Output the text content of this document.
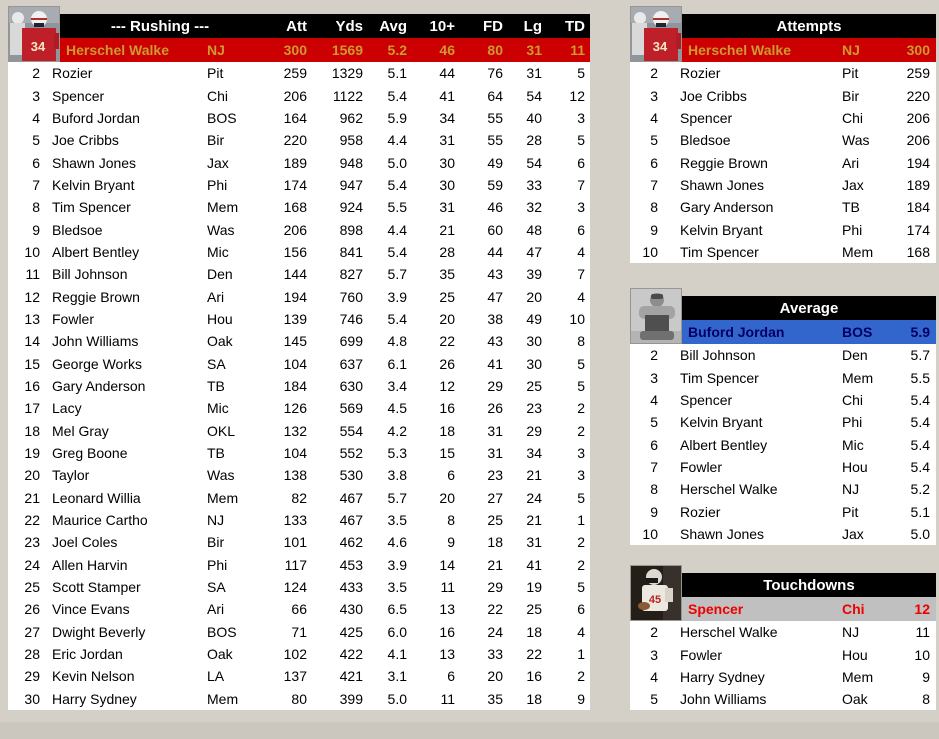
34
--- Rushing ---	Att	Yds	Avg	10+	FD	Lg	TD
Herschel Walke	NJ	300	1569	5.2	46	80	31	11
2 Rozier	Pit	259	1329	5.1	44	76	31	5
3 Spencer	Chi	206	1122	5.4	41	64	54	12
4 Buford Jordan	BOS	164	962	5.9	34	55	40	3
5 Joe Cribbs	Bir	220	958	4.4	31	55	28	5
6 Shawn Jones	Jax	189	948	5.0	30	49	54	6
7 Kelvin Bryant	Phi	174	947	5.4	30	59	33	7
8 Tim Spencer	Mem	168	924	5.5	31	46	32	3
9 Bledsoe	Was	206	898	4.4	21	60	48	6
10 Albert Bentley	Mic	156	841	5.4	28	44	47	4
11 Bill Johnson	Den	144	827	5.7	35	43	39	7
12 Reggie Brown	Ari	194	760	3.9	25	47	20	4
13 Fowler	Hou	139	746	5.4	20	38	49	10
14 John Williams	Oak	145	699	4.8	22	43	30	8
15 George Works	SA	104	637	6.1	26	41	30	5
16 Gary Anderson	TB	184	630	3.4	12	29	25	5
17 Lacy	Mic	126	569	4.5	16	26	23	2
18 Mel Gray	OKL	132	554	4.2	18	31	29	2
19 Greg Boone	TB	104	552	5.3	15	31	34	3
20 Taylor	Was	138	530	3.8	6	23	21	3
21 Leonard Willia	Mem	82	467	5.7	20	27	24	5
22 Maurice Cartho	NJ	133	467	3.5	8	25	21	1
23 Joel Coles	Bir	101	462	4.6	9	18	31	2
24 Allen Harvin	Phi	117	453	3.9	14	21	41	2
25 Scott Stamper	SA	124	433	3.5	11	29	19	5
26 Vince Evans	Ari	66	430	6.5	13	22	25	6
27 Dwight Beverly	BOS	71	425	6.0	16	24	18	4
28 Eric Jordan	Oak	102	422	4.1	13	33	22	1
29 Kevin Nelson	LA	137	421	3.1	6	20	16	2
30 Harry Sydney	Mem	80	399	5.0	11	35	18	9
34
Attempts
Herschel Walke	NJ	300
2 Rozier	Pit	259
3 Joe Cribbs	Bir	220
4 Spencer	Chi	206
5 Bledsoe	Was	206
6 Reggie Brown	Ari	194
7 Shawn Jones	Jax	189
8 Gary Anderson	TB	184
9 Kelvin Bryant	Phi	174
10 Tim Spencer	Mem	168
Average
Buford Jordan	BOS	5.9
2 Bill Johnson	Den	5.7
3 Tim Spencer	Mem	5.5
4 Spencer	Chi	5.4
5 Kelvin Bryant	Phi	5.4
6 Albert Bentley	Mic	5.4
7 Fowler	Hou	5.4
8 Herschel Walke	NJ	5.2
9 Rozier	Pit	5.1
10 Shawn Jones	Jax	5.0
45
Touchdowns
Spencer	Chi	12
2 Herschel Walke	NJ	11
3 Fowler	Hou	10
4 Harry Sydney	Mem	9
5 John Williams	Oak	8
